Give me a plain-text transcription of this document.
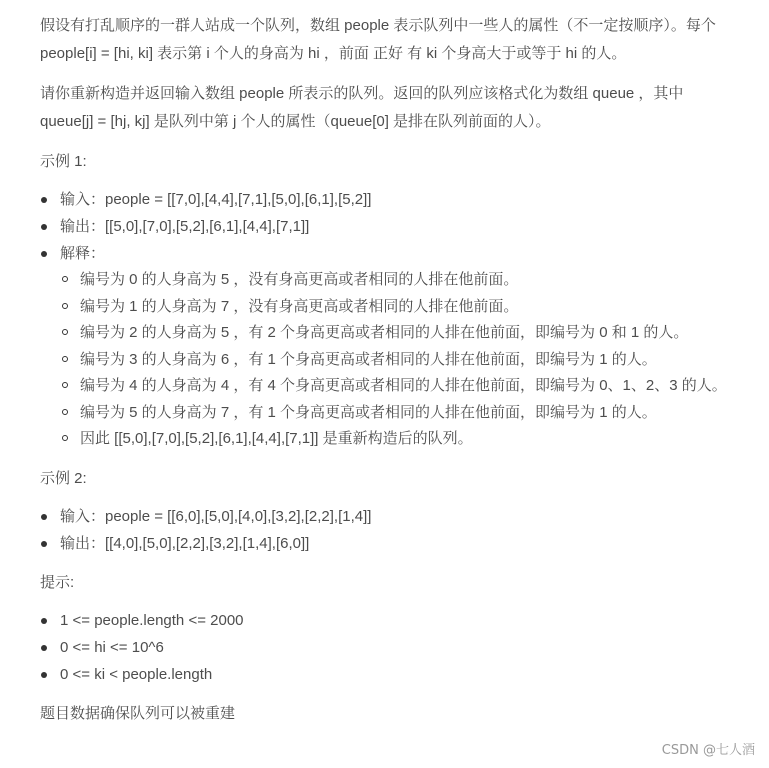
假设有打乱顺序的一群人站成一个队列，数组 people 表示队列中一些人的属性（不一定按顺序）。每个
people[i] = [hi, ki] 表示第 i 个人的身高为 hi ，前面 正好 有 ki 个身高大于或等于 hi 的人。

请你重新构造并返回输入数组 people 所表示的队列。返回的队列应该格式化为数组 queue ，其中
queue[j] = [hj, kj] 是队列中第 j 个人的属性（queue[0] 是排在队列前面的人）。

示例 1:

输入：people = [[7,0],[4,4],[7,1],[5,0],[6,1],[5,2]]
输出：[[5,0],[7,0],[5,2],[6,1],[4,4],[7,1]]
解释：
编号为 0 的人身高为 5 ，没有身高更高或者相同的人排在他前面。
编号为 1 的人身高为 7 ，没有身高更高或者相同的人排在他前面。
编号为 2 的人身高为 5 ，有 2 个身高更高或者相同的人排在他前面，即编号为 0 和 1 的人。
编号为 3 的人身高为 6 ，有 1 个身高更高或者相同的人排在他前面，即编号为 1 的人。
编号为 4 的人身高为 4 ，有 4 个身高更高或者相同的人排在他前面，即编号为 0、1、2、3 的人。
编号为 5 的人身高为 7 ，有 1 个身高更高或者相同的人排在他前面，即编号为 1 的人。
因此 [[5,0],[7,0],[5,2],[6,1],[4,4],[7,1]] 是重新构造后的队列。

示例 2:

输入：people = [[6,0],[5,0],[4,0],[3,2],[2,2],[1,4]]
输出：[[4,0],[5,0],[2,2],[3,2],[1,4],[6,0]]

提示:

1 <= people.length <= 2000
0 <= hi <= 10^6
0 <= ki < people.length

题目数据确保队列可以被重建

CSDN @七人酒
